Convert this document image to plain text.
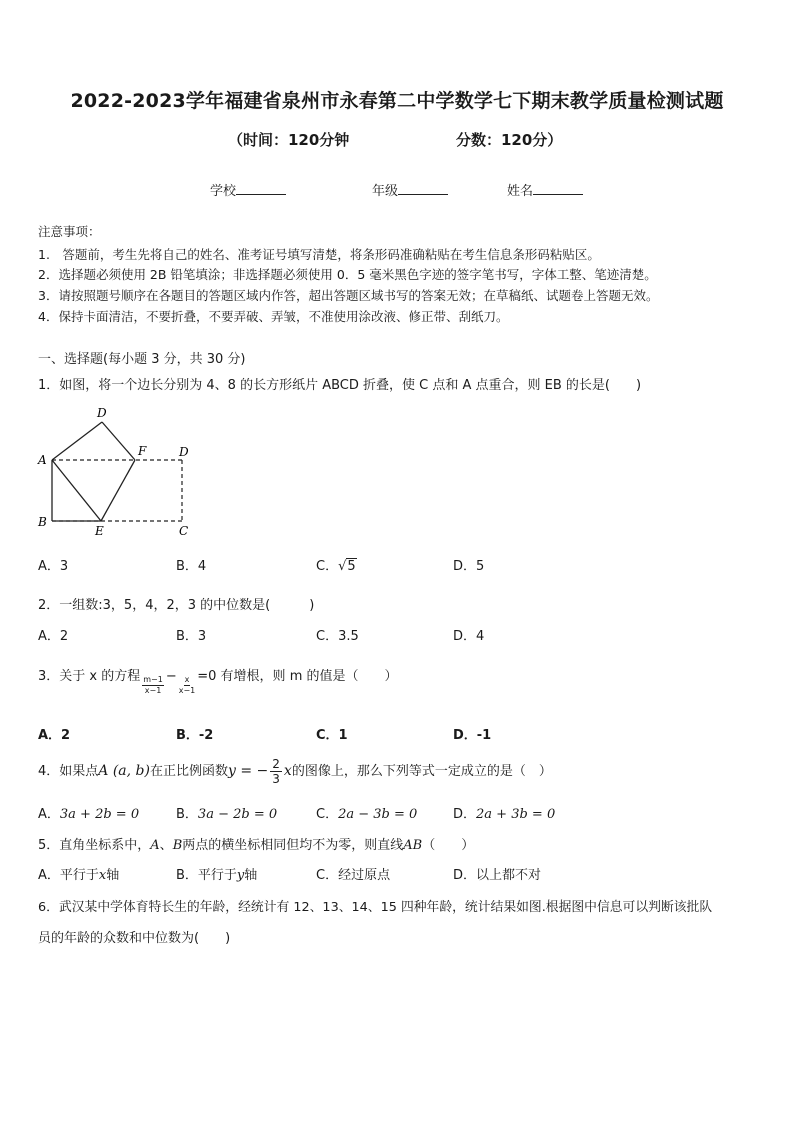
2022-2023学年福建省泉州市永春第二中学数学七下期末教学质量检测试题
（时间：120分钟	分数：120分）
学校	年级	姓名
注意事项：
1.　答题前，考生先将自己的姓名、准考证号填写清楚，将条形码准确粘贴在考生信息条形码粘贴区。
2．选择题必须使用 2B 铅笔填涂；非选择题必须使用 0．5 毫米黑色字迹的签字笔书写，字体工整、笔迹清楚。
3．请按照题号顺序在各题目的答题区域内作答，超出答题区域书写的答案无效；在草稿纸、试题卷上答题无效。
4．保持卡面清洁，不要折叠，不要弄破、弄皱，不准使用涂改液、修正带、刮纸刀。
一、选择题(每小题 3 分，共 30 分)
1．如图，将一个边长分别为 4、8 的长方形纸片 ABCD 折叠，使 C 点和 A 点重合，则 EB 的长是(　　)
D
A
F	D
B
E	C
A．3	B．4	C．√5	D．5
2．一组数:3，5，4，2，3 的中位数是(　　　)
A．2	B．3	C．3.5	D．4
3．关于 x 的方程 $\frac{m-1}{x-1} - \frac{x}{x-1} =0$ 有增根，则 m 的值是（　　）
A．2	B．-2	C．1	D．-1
4．如果点A (a, b)在正比例函数y = − $\frac{2}{3}$ x的图像上，那么下列等式一定成立的是（　）
A．3a + 2b = 0	B．3a − 2b = 0	C．2a − 3b = 0	D．2a + 3b = 0
5．直角坐标系中，A、B两点的横坐标相同但均不为零，则直线AB（　　）
A．平行于x轴	B．平行于y轴	C．经过原点	D．以上都不对
6．武汉某中学体育特长生的年龄，经统计有 12、13、14、15 四种年龄，统计结果如图.根据图中信息可以判断该批队
员的年龄的众数和中位数为(　　)
